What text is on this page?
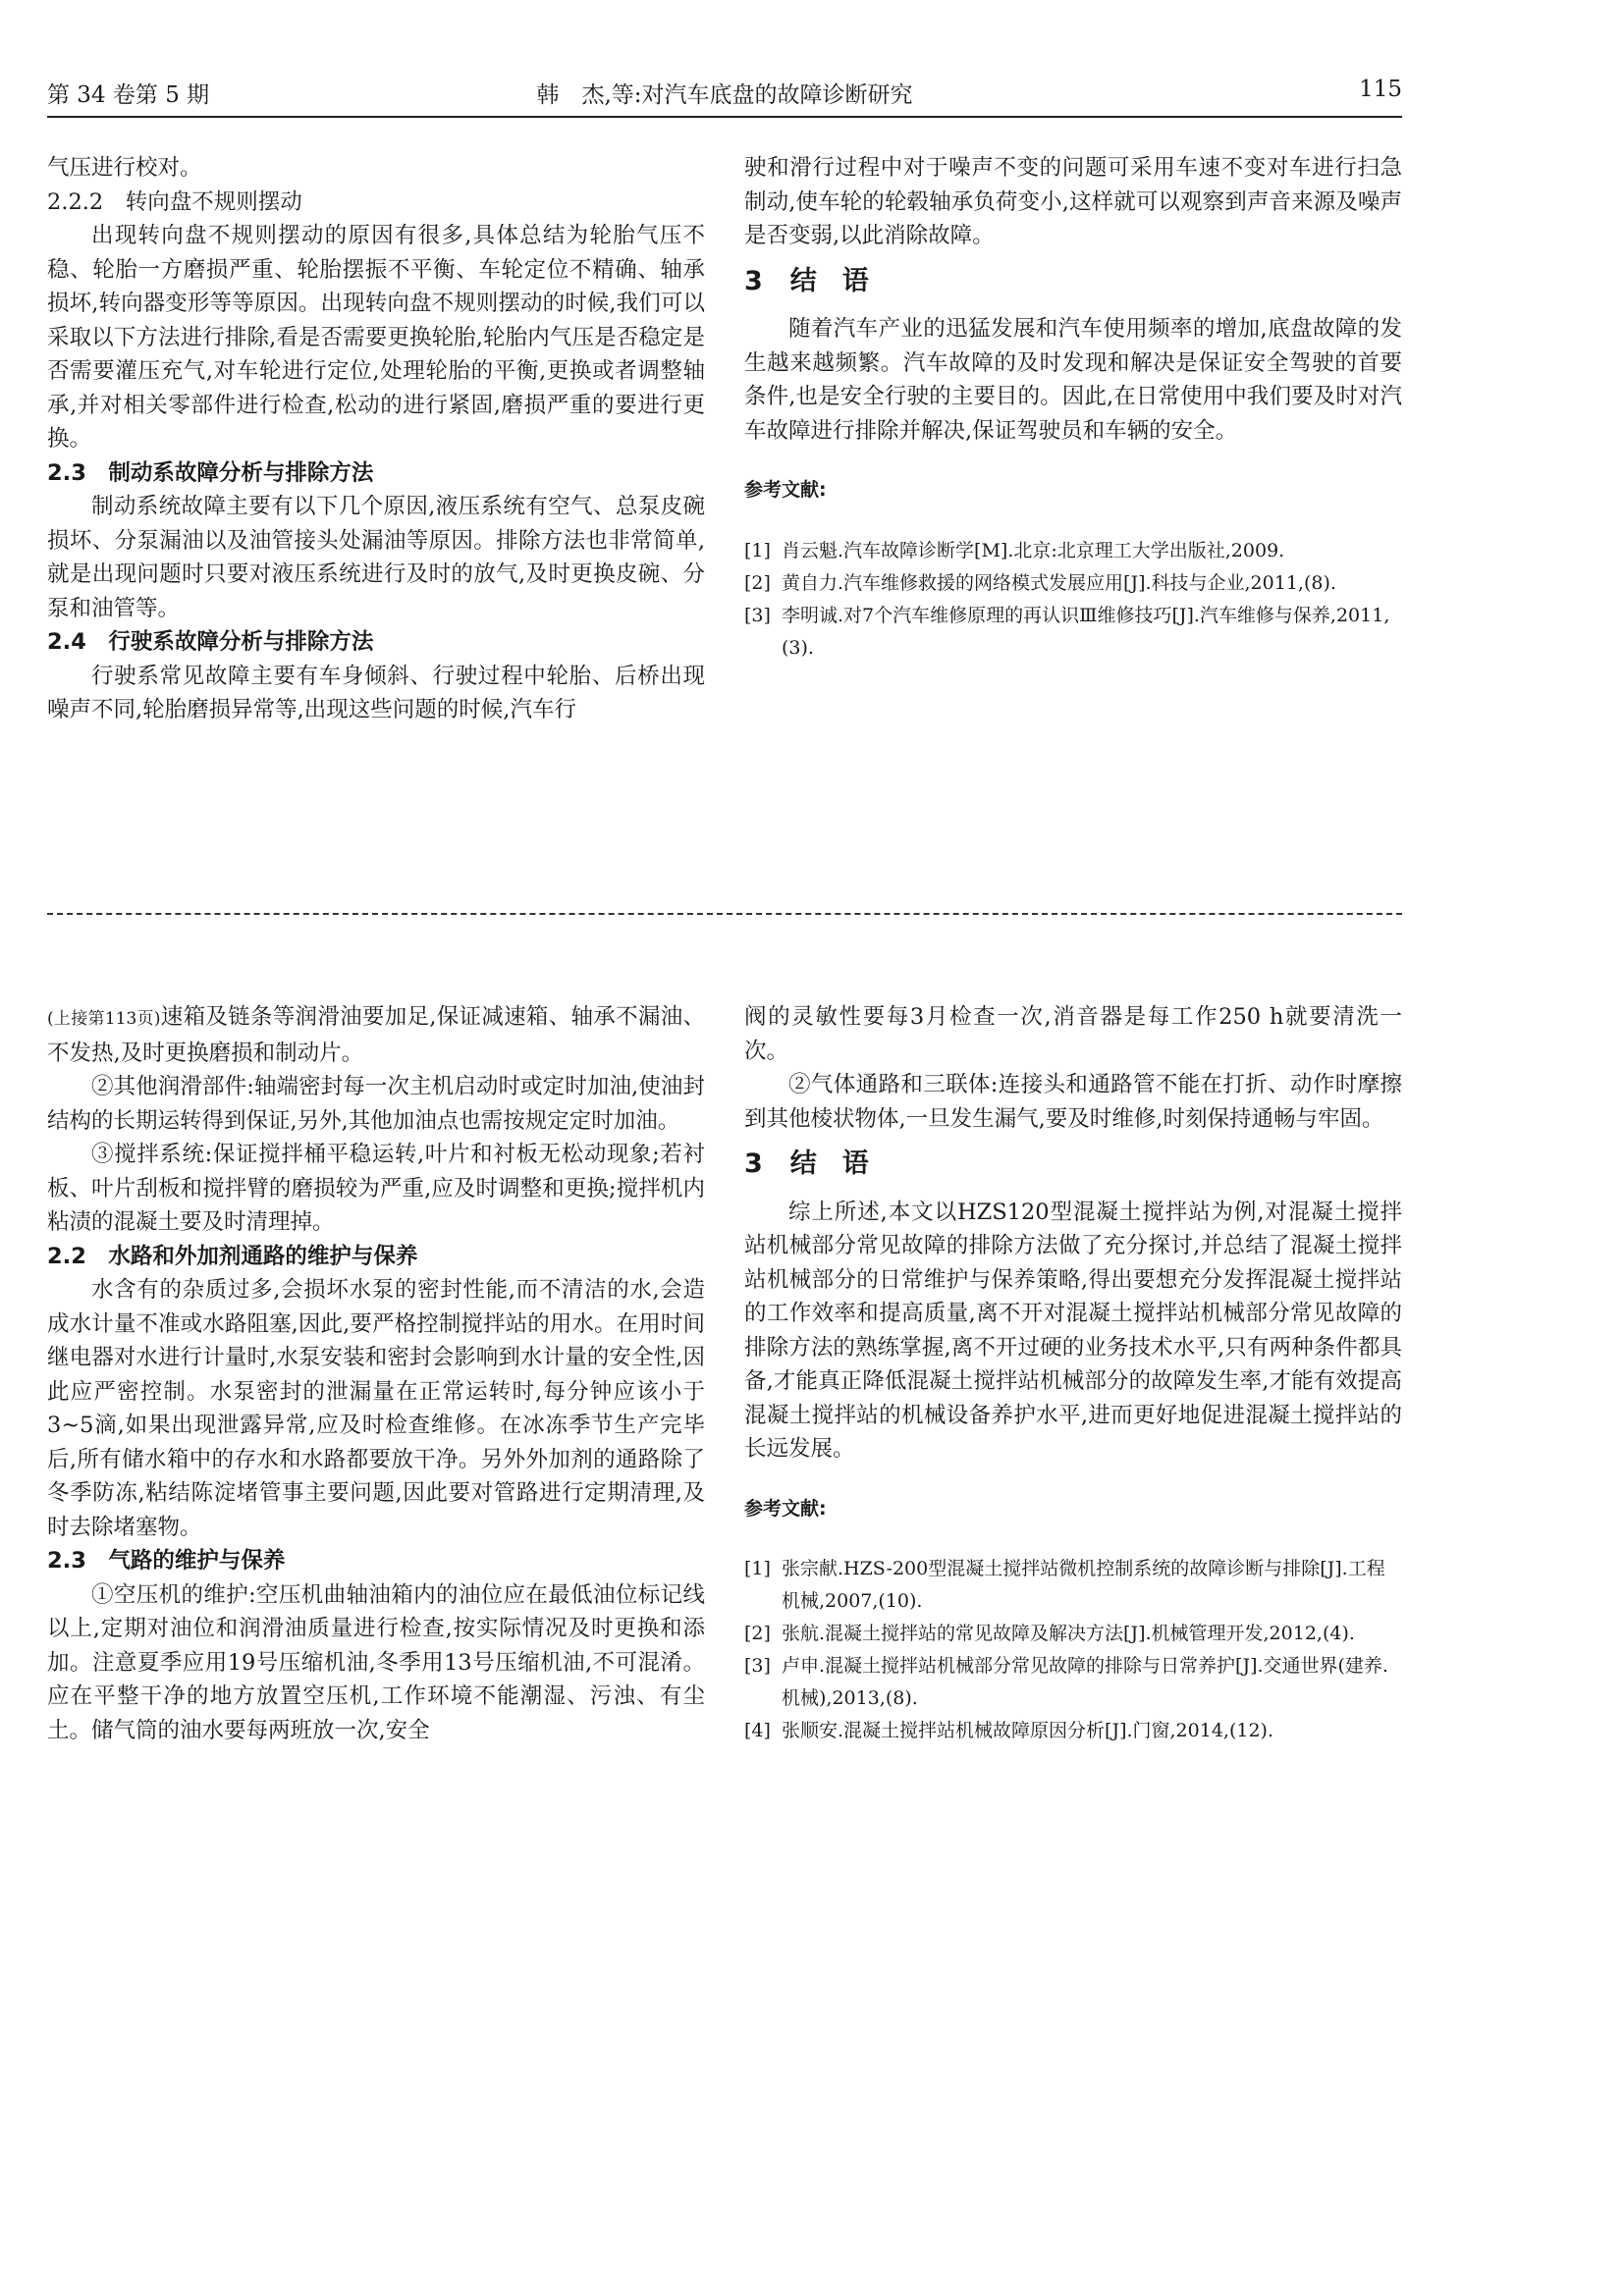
第 34 卷第 5 期	韩　杰,等:对汽车底盘的故障诊断研究	115

气压进行校对。

2.2.2　转向盘不规则摆动

出现转向盘不规则摆动的原因有很多,具体总结为轮胎气压不稳、轮胎一方磨损严重、轮胎摆振不平衡、车轮定位不精确、轴承损坏,转向器变形等等原因。出现转向盘不规则摆动的时候,我们可以采取以下方法进行排除,看是否需要更换轮胎,轮胎内气压是否稳定是否需要灌压充气,对车轮进行定位,处理轮胎的平衡,更换或者调整轴承,并对相关零部件进行检查,松动的进行紧固,磨损严重的要进行更换。

2.3　制动系故障分析与排除方法

制动系统故障主要有以下几个原因,液压系统有空气、总泵皮碗损坏、分泵漏油以及油管接头处漏油等原因。排除方法也非常简单,就是出现问题时只要对液压系统进行及时的放气,及时更换皮碗、分泵和油管等。

2.4　行驶系故障分析与排除方法

行驶系常见故障主要有车身倾斜、行驶过程中轮胎、后桥出现噪声不同,轮胎磨损异常等,出现这些问题的时候,汽车行

驶和滑行过程中对于噪声不变的问题可采用车速不变对车进行扫急制动,使车轮的轮毂轴承负荷变小,这样就可以观察到声音来源及噪声是否变弱,以此消除故障。

3 结 语

随着汽车产业的迅猛发展和汽车使用频率的增加,底盘故障的发生越来越频繁。汽车故障的及时发现和解决是保证安全驾驶的首要条件,也是安全行驶的主要目的。因此,在日常使用中我们要及时对汽车故障进行排除并解决,保证驾驶员和车辆的安全。

参考文献:
[1] 肖云魁.汽车故障诊断学[M].北京:北京理工大学出版社,2009.
[2] 黄自力.汽车维修救援的网络模式发展应用[J].科技与企业,2011,(8).
[3] 李明诚.对7个汽车维修原理的再认识Ⅲ维修技巧[J].汽车维修与保养,2011,(3).

(上接第113页)速箱及链条等润滑油要加足,保证减速箱、轴承不漏油、不发热,及时更换磨损和制动片。

②其他润滑部件:轴端密封每一次主机启动时或定时加油,使油封结构的长期运转得到保证,另外,其他加油点也需按规定定时加油。

③搅拌系统:保证搅拌桶平稳运转,叶片和衬板无松动现象;若衬板、叶片刮板和搅拌臂的磨损较为严重,应及时调整和更换;搅拌机内粘渍的混凝土要及时清理掉。

2.2　水路和外加剂通路的维护与保养

水含有的杂质过多,会损坏水泵的密封性能,而不清洁的水,会造成水计量不准或水路阻塞,因此,要严格控制搅拌站的用水。在用时间继电器对水进行计量时,水泵安装和密封会影响到水计量的安全性,因此应严密控制。水泵密封的泄漏量在正常运转时,每分钟应该小于3~5滴,如果出现泄露异常,应及时检查维修。在冰冻季节生产完毕后,所有储水箱中的存水和水路都要放干净。另外外加剂的通路除了冬季防冻,粘结陈淀堵管事主要问题,因此要对管路进行定期清理,及时去除堵塞物。

2.3　气路的维护与保养

①空压机的维护:空压机曲轴油箱内的油位应在最低油位标记线以上,定期对油位和润滑油质量进行检查,按实际情况及时更换和添加。注意夏季应用19号压缩机油,冬季用13号压缩机油,不可混淆。应在平整干净的地方放置空压机,工作环境不能潮湿、污浊、有尘土。储气筒的油水要每两班放一次,安全

阀的灵敏性要每3月检查一次,消音器是每工作250 h就要清洗一次。

②气体通路和三联体:连接头和通路管不能在打折、动作时摩擦到其他棱状物体,一旦发生漏气,要及时维修,时刻保持通畅与牢固。

3 结 语

综上所述,本文以HZS120型混凝土搅拌站为例,对混凝土搅拌站机械部分常见故障的排除方法做了充分探讨,并总结了混凝土搅拌站机械部分的日常维护与保养策略,得出要想充分发挥混凝土搅拌站的工作效率和提高质量,离不开对混凝土搅拌站机械部分常见故障的排除方法的熟练掌握,离不开过硬的业务技术水平,只有两种条件都具备,才能真正降低混凝土搅拌站机械部分的故障发生率,才能有效提高混凝土搅拌站的机械设备养护水平,进而更好地促进混凝土搅拌站的长远发展。

参考文献:
[1] 张宗献.HZS-200型混凝土搅拌站微机控制系统的故障诊断与排除[J].工程机械,2007,(10).
[2] 张航.混凝土搅拌站的常见故障及解决方法[J].机械管理开发,2012,(4).
[3] 卢申.混凝土搅拌站机械部分常见故障的排除与日常养护[J].交通世界(建养.机械),2013,(8).
[4] 张顺安.混凝土搅拌站机械故障原因分析[J].门窗,2014,(12).
